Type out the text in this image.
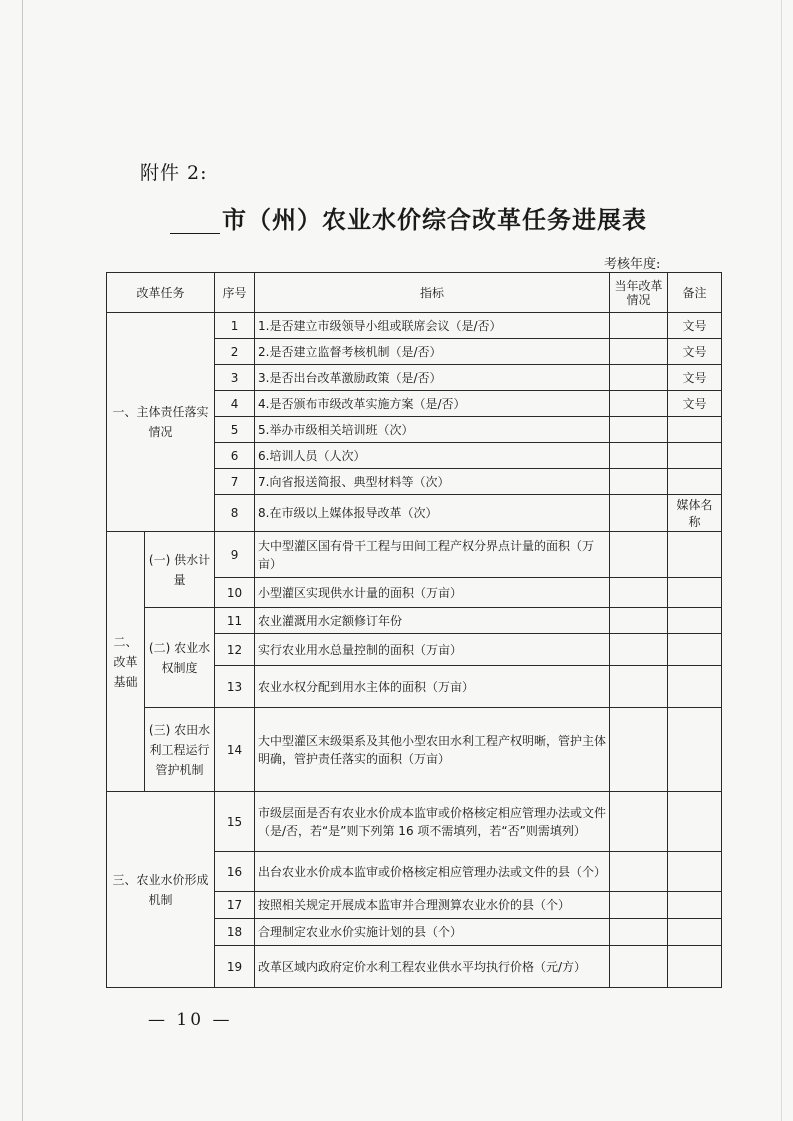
附件 2:
市（州）农业水价综合改革任务进展表
考核年度:
改革任务		序号	指标	当年改革情况	备注
一、主体责任落实情况		1	1.是否建立市级领导小组或联席会议（是/否）		文号
		2	2.是否建立监督考核机制（是/否）		文号
		3	3.是否出台改革激励政策（是/否）		文号
		4	4.是否颁布市级改革实施方案（是/否）		文号
		5	5.举办市级相关培训班（次）		
		6	6.培训人员（人次）		
		7	7.向省报送简报、典型材料等（次）		
		8	8.在市级以上媒体报导改革（次）		媒体名称
二、改革基础	(一) 供水计量	9	大中型灌区国有骨干工程与田间工程产权分界点计量的面积（万亩）		
		10	小型灌区实现供水计量的面积（万亩）		
	(二) 农业水权制度	11	农业灌溉用水定额修订年份		
		12	实行农业用水总量控制的面积（万亩）		
		13	农业水权分配到用水主体的面积（万亩）		
	(三) 农田水利工程运行管护机制	14	大中型灌区末级渠系及其他小型农田水利工程产权明晰，管护主体明确，管护责任落实的面积（万亩）		
三、农业水价形成机制		15	市级层面是否有农业水价成本监审或价格核定相应管理办法或文件（是/否，若“是”则下列第 16 项不需填列，若“否”则需填列）		
		16	出台农业水价成本监审或价格核定相应管理办法或文件的县（个）		
		17	按照相关规定开展成本监审并合理测算农业水价的县（个）		
		18	合理制定农业水价实施计划的县（个）		
		19	改革区域内政府定价水利工程农业供水平均执行价格（元/方）		
— 10 —
